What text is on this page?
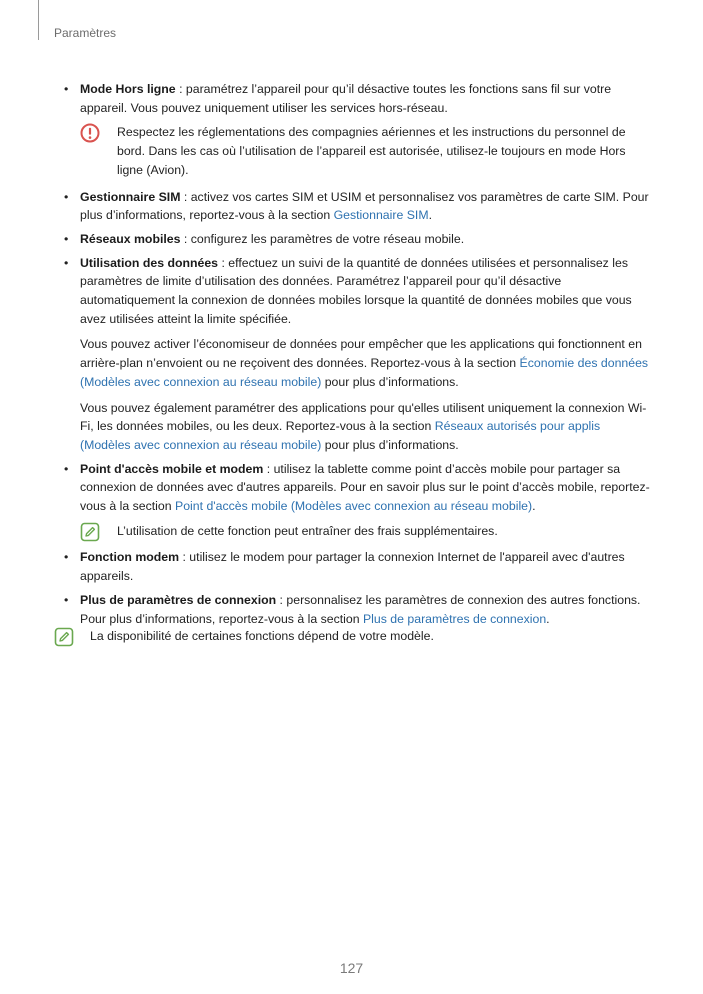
Paramètres
• Mode Hors ligne : paramétrez l’appareil pour qu’il désactive toutes les fonctions sans fil sur votre appareil. Vous pouvez uniquement utiliser les services hors-réseau.
Respectez les réglementations des compagnies aériennes et les instructions du personnel de bord. Dans les cas où l’utilisation de l’appareil est autorisée, utilisez-le toujours en mode Hors ligne (Avion).
• Gestionnaire SIM : activez vos cartes SIM et USIM et personnalisez vos paramètres de carte SIM. Pour plus d’informations, reportez-vous à la section Gestionnaire SIM.
• Réseaux mobiles : configurez les paramètres de votre réseau mobile.
• Utilisation des données : effectuez un suivi de la quantité de données utilisées et personnalisez les paramètres de limite d’utilisation des données. Paramétrez l’appareil pour qu’il désactive automatiquement la connexion de données mobiles lorsque la quantité de données mobiles que vous avez utilisées atteint la limite spécifiée.
Vous pouvez activer l’économiseur de données pour empêcher que les applications qui fonctionnent en arrière-plan n’envoient ou ne reçoivent des données. Reportez-vous à la section Économie des données (Modèles avec connexion au réseau mobile) pour plus d’informations.
Vous pouvez également paramétrer des applications pour qu'elles utilisent uniquement la connexion Wi-Fi, les données mobiles, ou les deux. Reportez-vous à la section Réseaux autorisés pour applis (Modèles avec connexion au réseau mobile) pour plus d’informations.
• Point d'accès mobile et modem : utilisez la tablette comme point d’accès mobile pour partager sa connexion de données avec d'autres appareils. Pour en savoir plus sur le point d’accès mobile, reportez-vous à la section Point d'accès mobile (Modèles avec connexion au réseau mobile).
L’utilisation de cette fonction peut entraîner des frais supplémentaires.
• Fonction modem : utilisez le modem pour partager la connexion Internet de l'appareil avec d'autres appareils.
• Plus de paramètres de connexion : personnalisez les paramètres de connexion des autres fonctions. Pour plus d’informations, reportez-vous à la section Plus de paramètres de connexion.
La disponibilité de certaines fonctions dépend de votre modèle.
127
